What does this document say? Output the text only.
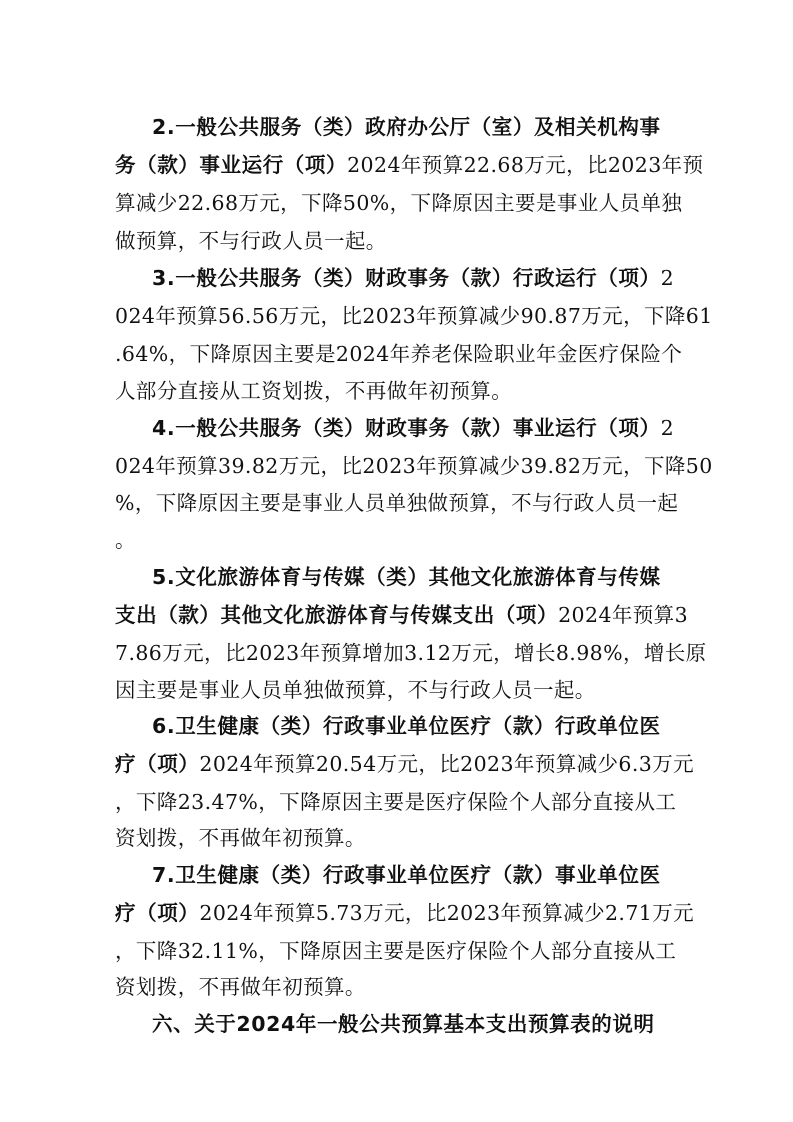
2.一般公共服务（类）政府办公厅（室）及相关机构事
务（款）事业运行（项）2024年预算22.68万元，比2023年预
算减少22.68万元，下降50%，下降原因主要是事业人员单独
做预算，不与行政人员一起。
3.一般公共服务（类）财政事务（款）行政运行（项）2
024年预算56.56万元，比2023年预算减少90.87万元，下降61
.64%，下降原因主要是2024年养老保险职业年金医疗保险个
人部分直接从工资划拨，不再做年初预算。
4.一般公共服务（类）财政事务（款）事业运行（项）2
024年预算39.82万元，比2023年预算减少39.82万元，下降50
%，下降原因主要是事业人员单独做预算，不与行政人员一起
。
5.文化旅游体育与传媒（类）其他文化旅游体育与传媒
支出（款）其他文化旅游体育与传媒支出（项）2024年预算3
7.86万元，比2023年预算增加3.12万元，增长8.98%，增长原
因主要是事业人员单独做预算，不与行政人员一起。
6.卫生健康（类）行政事业单位医疗（款）行政单位医
疗（项）2024年预算20.54万元，比2023年预算减少6.3万元
，下降23.47%，下降原因主要是医疗保险个人部分直接从工
资划拨，不再做年初预算。
7.卫生健康（类）行政事业单位医疗（款）事业单位医
疗（项）2024年预算5.73万元，比2023年预算减少2.71万元
，下降32.11%，下降原因主要是医疗保险个人部分直接从工
资划拨，不再做年初预算。
六、关于2024年一般公共预算基本支出预算表的说明
